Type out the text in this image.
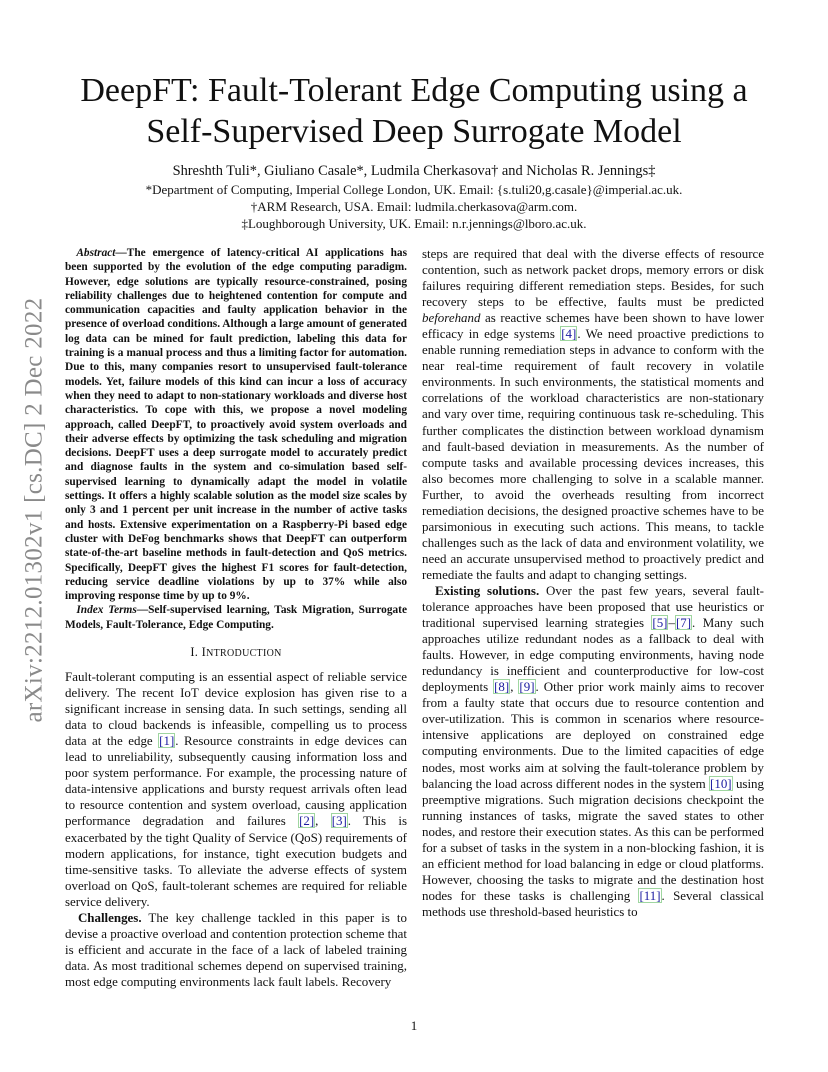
arXiv:2212.01302v1 [cs.DC] 2 Dec 2022
DeepFT: Fault-Tolerant Edge Computing using a Self-Supervised Deep Surrogate Model
Shreshth Tuli*, Giuliano Casale*, Ludmila Cherkasova† and Nicholas R. Jennings‡
*Department of Computing, Imperial College London, UK. Email: {s.tuli20,g.casale}@imperial.ac.uk.
†ARM Research, USA. Email: ludmila.cherkasova@arm.com.
‡Loughborough University, UK. Email: n.r.jennings@lboro.ac.uk.

Abstract—The emergence of latency-critical AI applications has been supported by the evolution of the edge computing paradigm. However, edge solutions are typically resource-constrained, posing reliability challenges due to heightened contention for compute and communication capacities and faulty application behavior in the presence of overload conditions. Although a large amount of generated log data can be mined for fault prediction, labeling this data for training is a manual process and thus a limiting factor for automation. Due to this, many companies resort to unsupervised fault-tolerance models. Yet, failure models of this kind can incur a loss of accuracy when they need to adapt to non-stationary workloads and diverse host characteristics. To cope with this, we propose a novel modeling approach, called DeepFT, to proactively avoid system overloads and their adverse effects by optimizing the task scheduling and migration decisions. DeepFT uses a deep surrogate model to accurately predict and diagnose faults in the system and co-simulation based self-supervised learning to dynamically adapt the model in volatile settings. It offers a highly scalable solution as the model size scales by only 3 and 1 percent per unit increase in the number of active tasks and hosts. Extensive experimentation on a Raspberry-Pi based edge cluster with DeFog benchmarks shows that DeepFT can outperform state-of-the-art baseline methods in fault-detection and QoS metrics. Specifically, DeepFT gives the highest F1 scores for fault-detection, reducing service deadline violations by up to 37% while also improving response time by up to 9%.

Index Terms—Self-supervised learning, Task Migration, Surrogate Models, Fault-Tolerance, Edge Computing.

I. INTRODUCTION

Fault-tolerant computing is an essential aspect of reliable service delivery. The recent IoT device explosion has given rise to a significant increase in sensing data. In such settings, sending all data to cloud backends is infeasible, compelling us to process data at the edge [1]. Resource constraints in edge devices can lead to unreliability, subsequently causing information loss and poor system performance. For example, the processing nature of data-intensive applications and bursty request arrivals often lead to resource contention and system overload, causing application performance degradation and failures [2], [3]. This is exacerbated by the tight Quality of Service (QoS) requirements of modern applications, for instance, tight execution budgets and time-sensitive tasks. To alleviate the adverse effects of system overload on QoS, fault-tolerant schemes are required for reliable service delivery.

Challenges. The key challenge tackled in this paper is to devise a proactive overload and contention protection scheme that is efficient and accurate in the face of a lack of labeled training data. As most traditional schemes depend on supervised training, most edge computing environments lack fault labels. Recovery

steps are required that deal with the diverse effects of resource contention, such as network packet drops, memory errors or disk failures requiring different remediation steps. Besides, for such recovery steps to be effective, faults must be predicted beforehand as reactive schemes have been shown to have lower efficacy in edge systems [4]. We need proactive predictions to enable running remediation steps in advance to conform with the near real-time requirement of fault recovery in volatile environments. In such environments, the statistical moments and correlations of the workload characteristics are non-stationary and vary over time, requiring continuous task re-scheduling. This further complicates the distinction between workload dynamism and fault-based deviation in measurements. As the number of compute tasks and available processing devices increases, this also becomes more challenging to solve in a scalable manner. Further, to avoid the overheads resulting from incorrect remediation decisions, the designed proactive schemes have to be parsimonious in executing such actions. This means, to tackle challenges such as the lack of data and environment volatility, we need an accurate unsupervised method to proactively predict and remediate the faults and adapt to changing settings.

Existing solutions. Over the past few years, several fault-tolerance approaches have been proposed that use heuristics or traditional supervised learning strategies [5]–[7]. Many such approaches utilize redundant nodes as a fallback to deal with faults. However, in edge computing environments, having node redundancy is inefficient and counterproductive for low-cost deployments [8], [9]. Other prior work mainly aims to recover from a faulty state that occurs due to resource contention and over-utilization. This is common in scenarios where resource-intensive applications are deployed on constrained edge computing environments. Due to the limited capacities of edge nodes, most works aim at solving the fault-tolerance problem by balancing the load across different nodes in the system [10] using preemptive migrations. Such migration decisions checkpoint the running instances of tasks, migrate the saved states to other nodes, and restore their execution states. As this can be performed for a subset of tasks in the system in a non-blocking fashion, it is an efficient method for load balancing in edge or cloud platforms. However, choosing the tasks to migrate and the destination host nodes for these tasks is challenging [11]. Several classical methods use threshold-based heuristics to

1
